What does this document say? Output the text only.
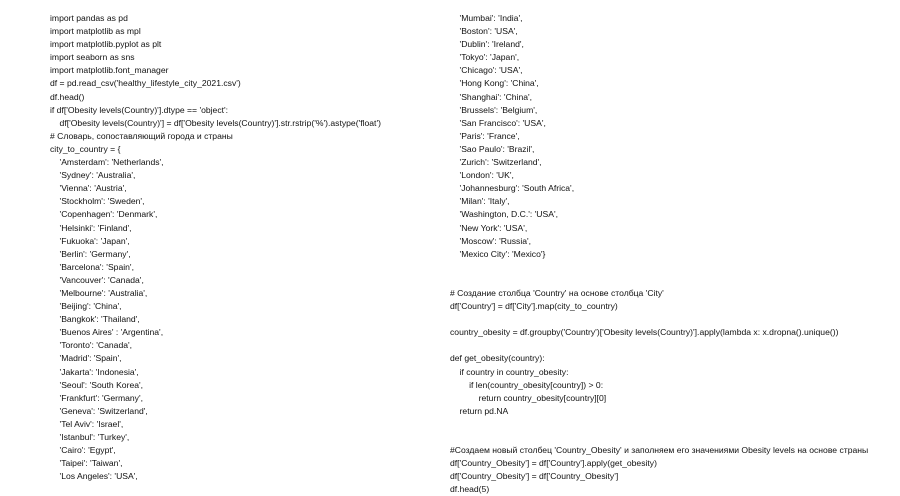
import pandas as pd
import matplotlib as mpl
import matplotlib.pyplot as plt
import seaborn as sns
import matplotlib.font_manager
df = pd.read_csv('healthy_lifestyle_city_2021.csv')
df.head()
if df['Obesity levels(Country)'].dtype == 'object':
df['Obesity levels(Country)'] = df['Obesity levels(Country)'].str.rstrip('%').astype('float')
# Словарь, сопоставляющий города и страны
city_to_country = {
'Amsterdam': 'Netherlands',
'Sydney': 'Australia',
'Vienna': 'Austria',
'Stockholm': 'Sweden',
'Copenhagen': 'Denmark',
'Helsinki': 'Finland',
'Fukuoka': 'Japan',
'Berlin': 'Germany',
'Barcelona': 'Spain',
'Vancouver': 'Canada',
'Melbourne': 'Australia',
'Beijing': 'China',
'Bangkok': 'Thailand',
'Buenos Aires' : 'Argentina',
'Toronto': 'Canada',
'Madrid': 'Spain',
'Jakarta': 'Indonesia',
'Seoul': 'South Korea',
'Frankfurt': 'Germany',
'Geneva': 'Switzerland',
'Tel Aviv': 'Israel',
'Istanbul': 'Turkey',
'Cairo': 'Egypt',
'Taipei': 'Taiwan',
'Los Angeles': 'USA',
'Mumbai': 'India',
'Boston': 'USA',
'Dublin': 'Ireland',
'Tokyo': 'Japan',
'Chicago': 'USA',
'Hong Kong': 'China',
'Shanghai': 'China',
'Brussels': 'Belgium',
'San Francisco': 'USA',
'Paris': 'France',
'Sao Paulo': 'Brazil',
'Zurich': 'Switzerland',
'London': 'UK',
'Johannesburg': 'South Africa',
'Milan': 'Italy',
'Washington, D.C.': 'USA',
'New York': 'USA',
'Moscow': 'Russia',
'Mexico City': 'Mexico'}

# Создание столбца 'Country' на основе столбца 'City'
df['Country'] = df['City'].map(city_to_country)

country_obesity = df.groupby('Country')['Obesity levels(Country)'].apply(lambda x: x.dropna().unique())

def get_obesity(country):
if country in country_obesity:
if len(country_obesity[country]) > 0:
return country_obesity[country][0]
return pd.NA

#Создаем новый столбец 'Country_Obesity' и заполняем его значениями Obesity levels на основе страны
df['Country_Obesity'] = df['Country'].apply(get_obesity)
df['Country_Obesity'] = df['Country_Obesity']
df.head(5)
